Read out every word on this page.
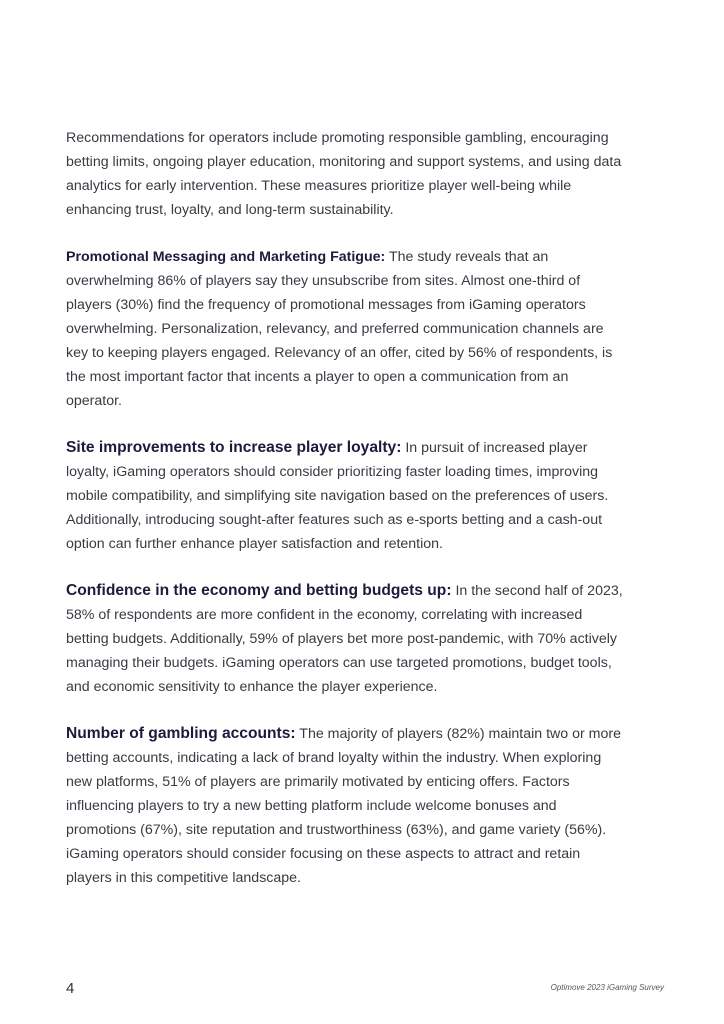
Recommendations for operators include promoting responsible gambling, encouraging betting limits, ongoing player education, monitoring and support systems, and using data analytics for early intervention. These measures prioritize player well-being while enhancing trust, loyalty, and long-term sustainability.

Promotional Messaging and Marketing Fatigue: The study reveals that an overwhelming 86% of players say they unsubscribe from sites. Almost one-third of players (30%) find the frequency of promotional messages from iGaming operators overwhelming. Personalization, relevancy, and preferred communication channels are key to keeping players engaged. Relevancy of an offer, cited by 56% of respondents, is the most important factor that incents a player to open a communication from an operator.

Site improvements to increase player loyalty: In pursuit of increased player loyalty, iGaming operators should consider prioritizing faster loading times, improving mobile compatibility, and simplifying site navigation based on the preferences of users. Additionally, introducing sought-after features such as e-sports betting and a cash-out option can further enhance player satisfaction and retention.

Confidence in the economy and betting budgets up: In the second half of 2023, 58% of respondents are more confident in the economy, correlating with increased betting budgets. Additionally, 59% of players bet more post-pandemic, with 70% actively managing their budgets. iGaming operators can use targeted promotions, budget tools, and economic sensitivity to enhance the player experience.

Number of gambling accounts: The majority of players (82%) maintain two or more betting accounts, indicating a lack of brand loyalty within the industry. When exploring new platforms, 51% of players are primarily motivated by enticing offers. Factors influencing players to try a new betting platform include welcome bonuses and promotions (67%), site reputation and trustworthiness (63%), and game variety (56%). iGaming operators should consider focusing on these aspects to attract and retain players in this competitive landscape.

4	Optimove 2023 iGaming Survey
